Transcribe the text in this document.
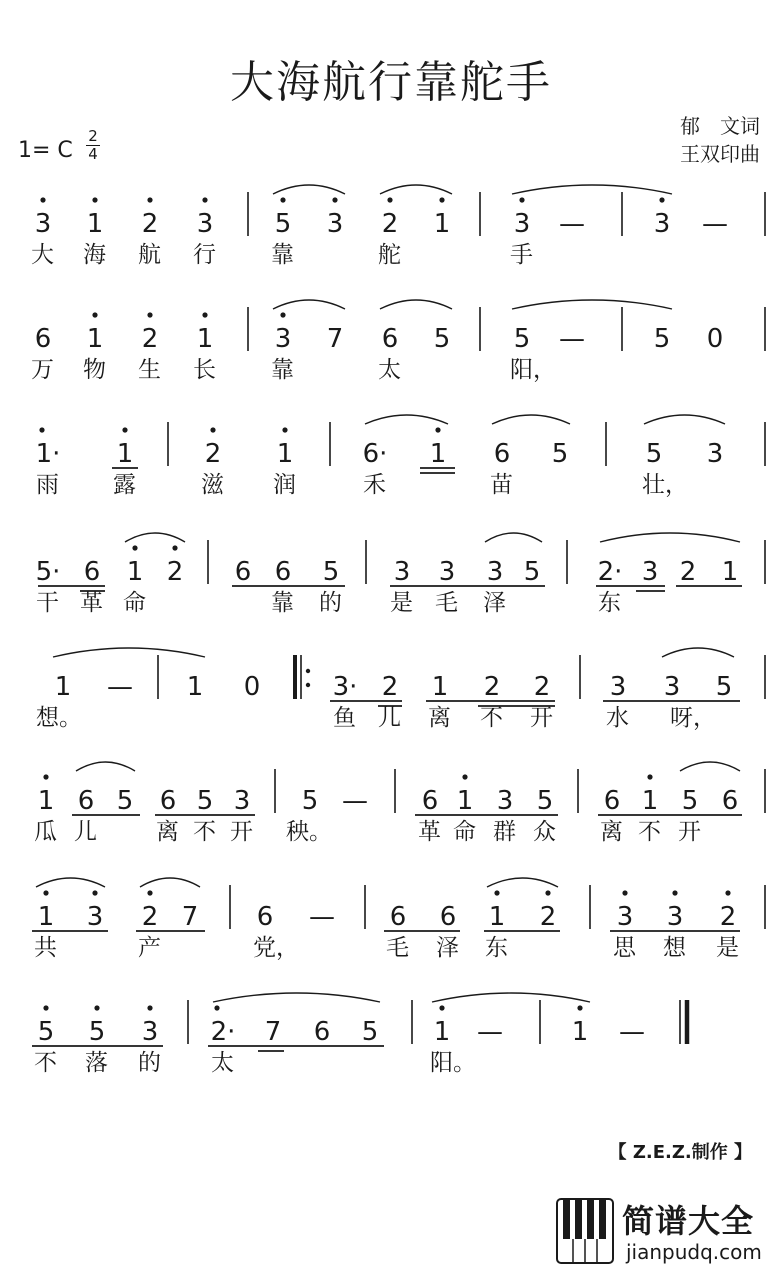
大海航行靠舵手
郁　文词
王双印曲
1= C
2
4
3 1 2 3 5 3 2 1 3 —	3 —
大 海 航 行 靠	舵	手
6 1 2 1 3 7 6 5 5 —	5 0
万 物 生 长 靠	太	阳，
1· 1	2 1	6· 1 6 5	5 3
雨 露	滋 润	禾	苗	壮，
5· 6 1 2 6 6 5 3 3 3 5 2· 3 2 1
干 革 命	靠 的 是 毛 泽	东
1 — 1 0	3· 2 1 2 2 3 3 5
想。	鱼 儿 离 不 开 水 呀，
1 6 5 6 5 3 5 — 6 1 3 5 6 1 5 6
瓜 儿	离 不 开 秧。	革 命 群 众 离 不 开
1 3 2 7 6 — 6 6 1 2 3 3 2
共	产	党，	毛 泽 东	思 想 是
5 5 3 2· 7 6 5 1 —	1 —
不 落 的 太	阳。
【 Z.E.Z.制作 】
简谱大全
jianpudq.com
